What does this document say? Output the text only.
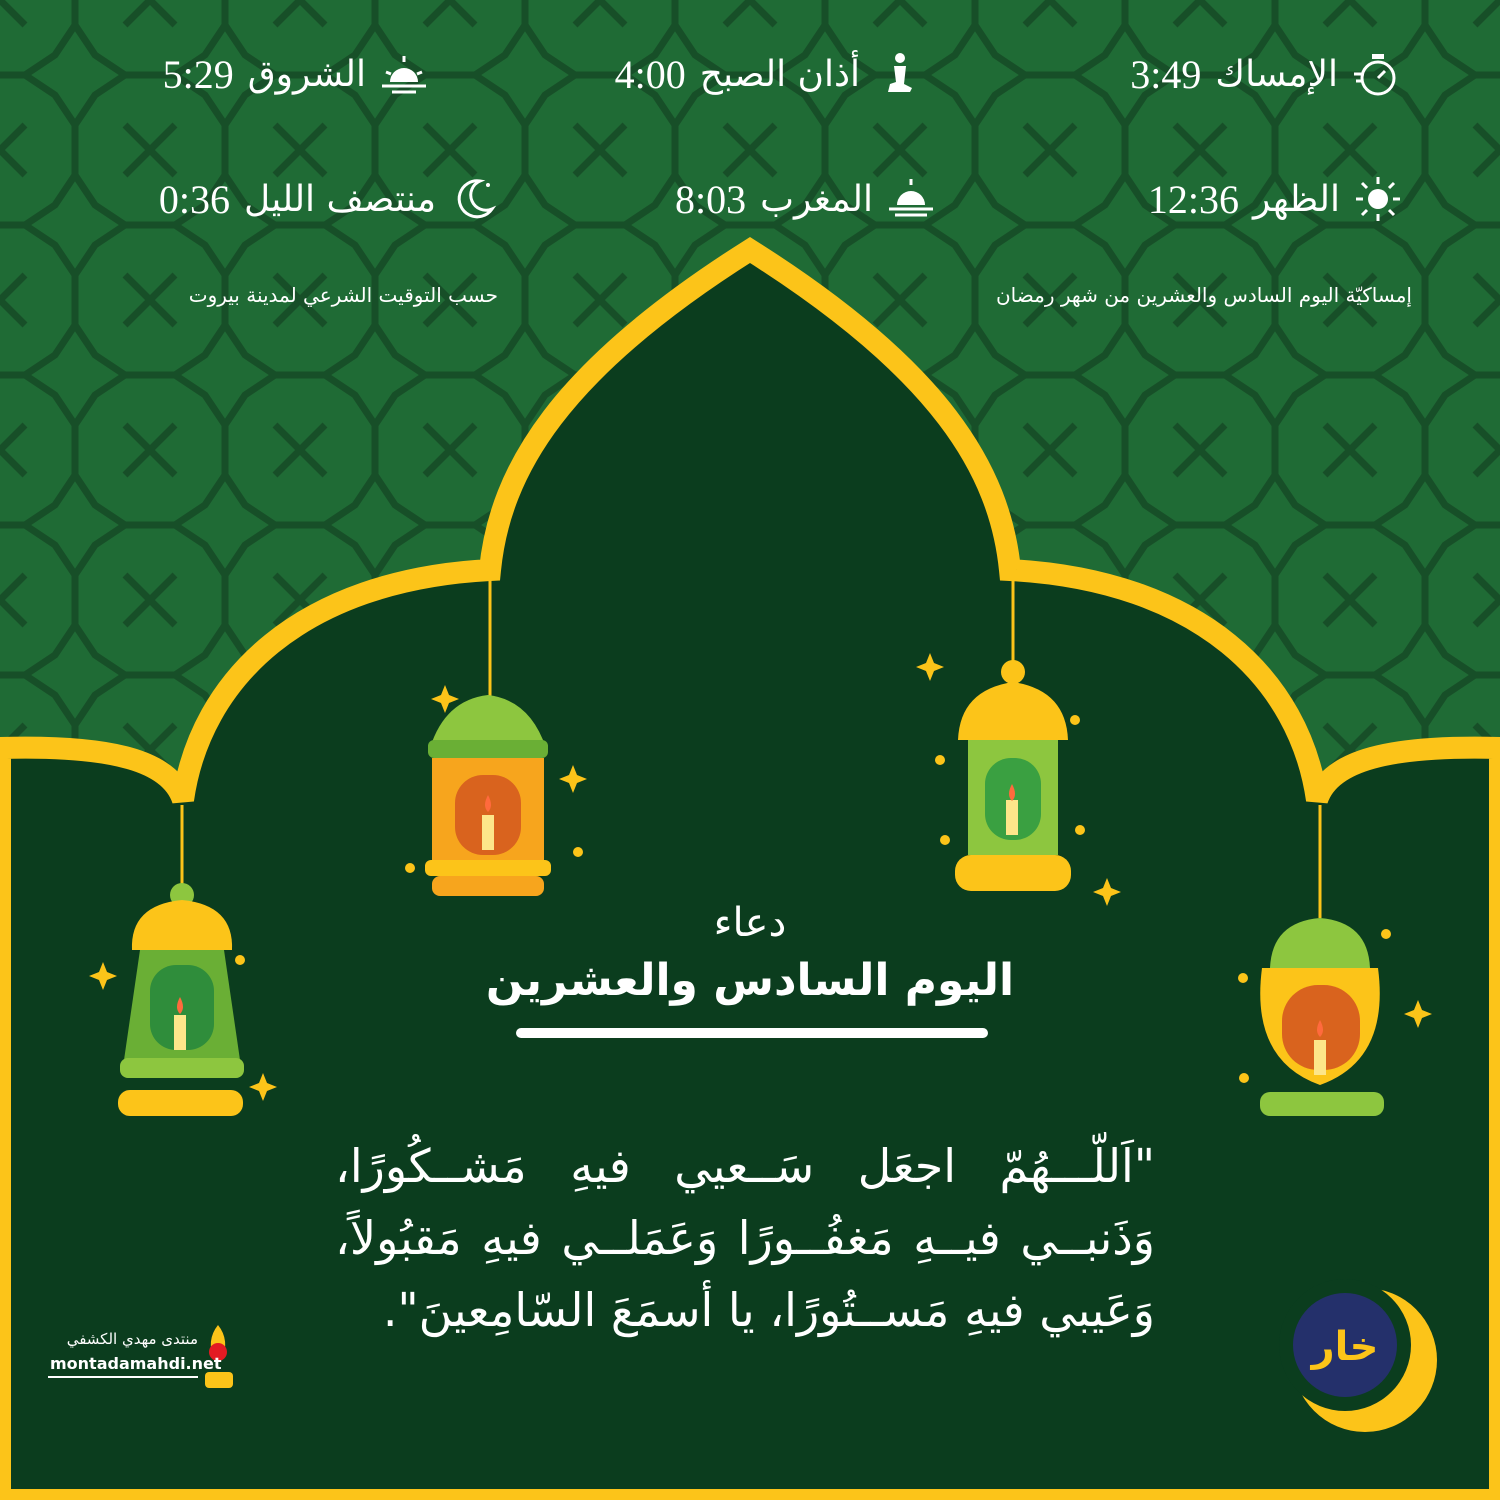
خار
الإمساك
3:49
أذان الصبح
4:00
الشروق
5:29
الظهر
12:36
المغرب
8:03
منتصف الليل
0:36
إمساكيّة اليوم السادس والعشرين من شهر رمضان
حسب التوقيت الشرعي لمدينة بيروت
دعاء
اليوم السادس والعشرين
"اَللّـــهُمّ اجعَل سَــعيي فيهِ مَشــكُورًا، وَذَنبــي فيــهِ مَغفُــورًا وَعَمَلــي فيهِ مَقبُولاً، وَعَيبي فيهِ مَســتُورًا، يا أسمَعَ السّامِعينَ".
منتدى مهدي الكشفي
montadamahdi.net
